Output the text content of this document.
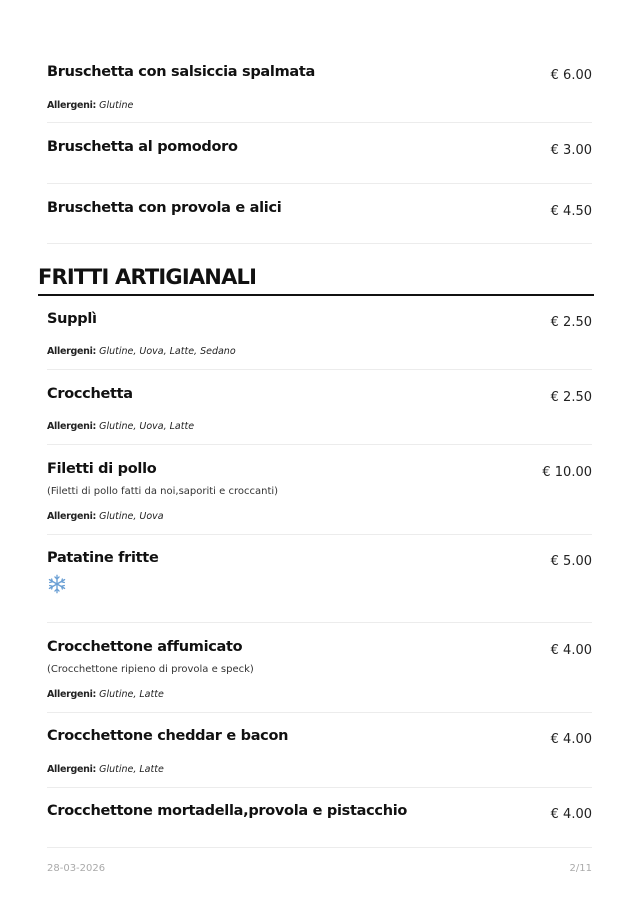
Bruschetta con salsiccia spalmata	€ 6.00
Allergeni: Glutine
Bruschetta al pomodoro	€ 3.00
Bruschetta con provola e alici	€ 4.50
FRITTI ARTIGIANALI
Supplì	€ 2.50
Allergeni: Glutine, Uova, Latte, Sedano
Crocchetta	€ 2.50
Allergeni: Glutine, Uova, Latte
Filetti di pollo	€ 10.00
(Filetti di pollo fatti da noi,saporiti e croccanti)
Allergeni: Glutine, Uova
Patatine fritte	€ 5.00
Crocchettone affumicato	€ 4.00
(Crocchettone ripieno di provola e speck)
Allergeni: Glutine, Latte
Crocchettone cheddar e bacon	€ 4.00
Allergeni: Glutine, Latte
Crocchettone mortadella,provola e pistacchio	€ 4.00
28-03-2026	2/11
